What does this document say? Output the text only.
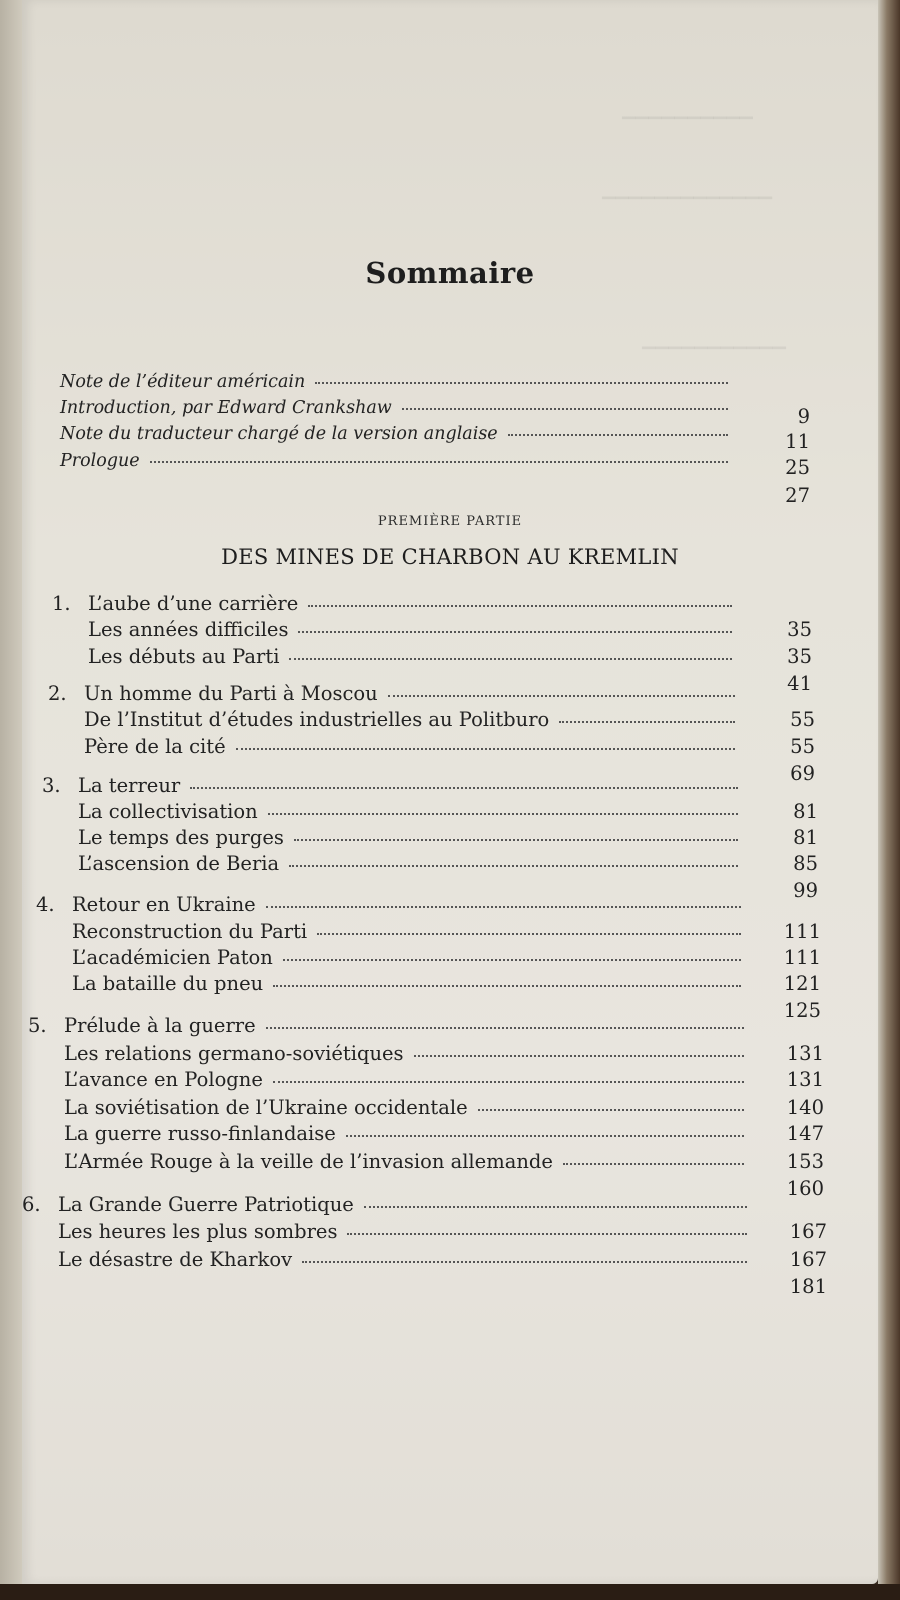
▁▁▁▁▁▁▁▁▁▁
▁▁▁▁▁▁▁▁▁▁▁▁▁
▁▁▁▁▁▁▁▁▁▁▁
Sommaire
PREMIÈRE PARTIE
DES MINES DE CHARBON AU KREMLIN
Note de l’éditeur américain
9
Introduction, par Edward Crankshaw
11
Note du traducteur chargé de la version anglaise
25
Prologue
27
1. L’aube d’une carrière
Les années difficiles
Les débuts au Parti
35
35
41
2. Un homme du Parti à Moscou
De l’Institut d’études industrielles au Politburo
Père de la cité
55
55
69
3. La terreur
La collectivisation
Le temps des purges
L’ascension de Beria
81
81
85
99
4. Retour en Ukraine
Reconstruction du Parti
L’académicien Paton
La bataille du pneu
111
111
121
125
5. Prélude à la guerre
Les relations germano-soviétiques
L’avance en Pologne
La soviétisation de l’Ukraine occidentale
La guerre russo-finlandaise
L’Armée Rouge à la veille de l’invasion allemande
131
131
140
147
153
160
6. La Grande Guerre Patriotique
Les heures les plus sombres
Le désastre de Kharkov
167
167
181
